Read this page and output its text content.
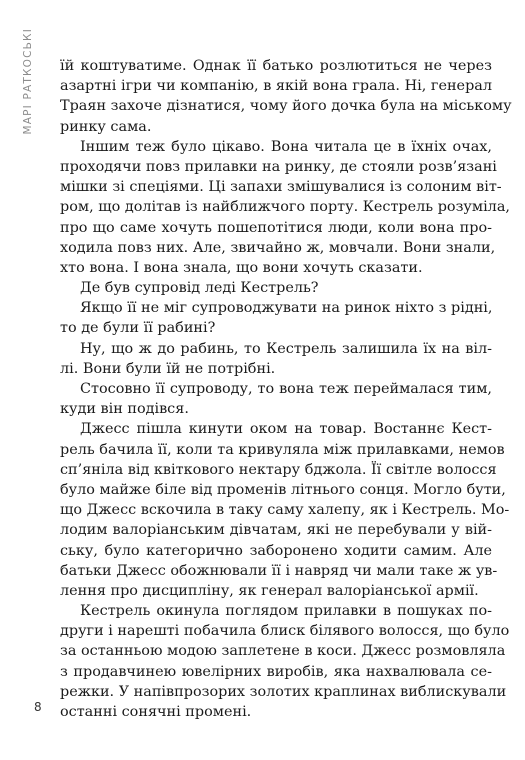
МАРІ РАТКОСЬКІ їй коштуватиме. Однак її батько розлютиться не через
азартні ігри чи компанію, в якій вона грала. Ні, генерал
Траян захоче дізнатися, чому його дочка була на міському
ринку сама.
Іншим теж було цікаво. Вона читала це в їхніх очах,
проходячи повз прилавки на ринку, де стояли розв’язані
мішки зі спеціями. Ці запахи змішувалися із солоним віт-
ром, що долітав із найближчого порту. Кестрель розуміла,
про що саме хочуть пошепотітися люди, коли вона про-
ходила повз них. Але, звичайно ж, мовчали. Вони знали,
хто вона. І вона знала, що вони хочуть сказати.
Де був супровід леді Кестрель?
Якщо її не міг супроводжувати на ринок ніхто з рідні,
то де були її рабині?
Ну, що ж до рабинь, то Кестрель залишила їх на віл-
лі. Вони були їй не потрібні.
Стосовно її супроводу, то вона теж переймалася тим,
куди він подівся.
Джесс пішла кинути оком на товар. Востаннє Кест-
рель бачила її, коли та кривуляла між прилавками, немов
сп’яніла від квіткового нектару бджола. Її світле волосся
було майже біле від променів літнього сонця. Могло бути,
що Джесс вскочила в таку саму халепу, як і Кестрель. Мо-
лодим валоріанським дівчатам, які не перебували у вій-
ську, було категорично заборонено ходити самим. Але
батьки Джесс обожнювали її і навряд чи мали таке ж ув-
лення про дисципліну, як генерал валоріанської армії.
Кестрель окинула поглядом прилавки в пошуках по-
други і нарешті побачила блиск білявого волосся, що було
за останньою модою заплетене в коси. Джесс розмовляла
з продавчинею ювелірних виробів, яка нахвалювала се-
режки. У напівпрозорих золотих краплинах виблискували
останні сонячні промені.
8
